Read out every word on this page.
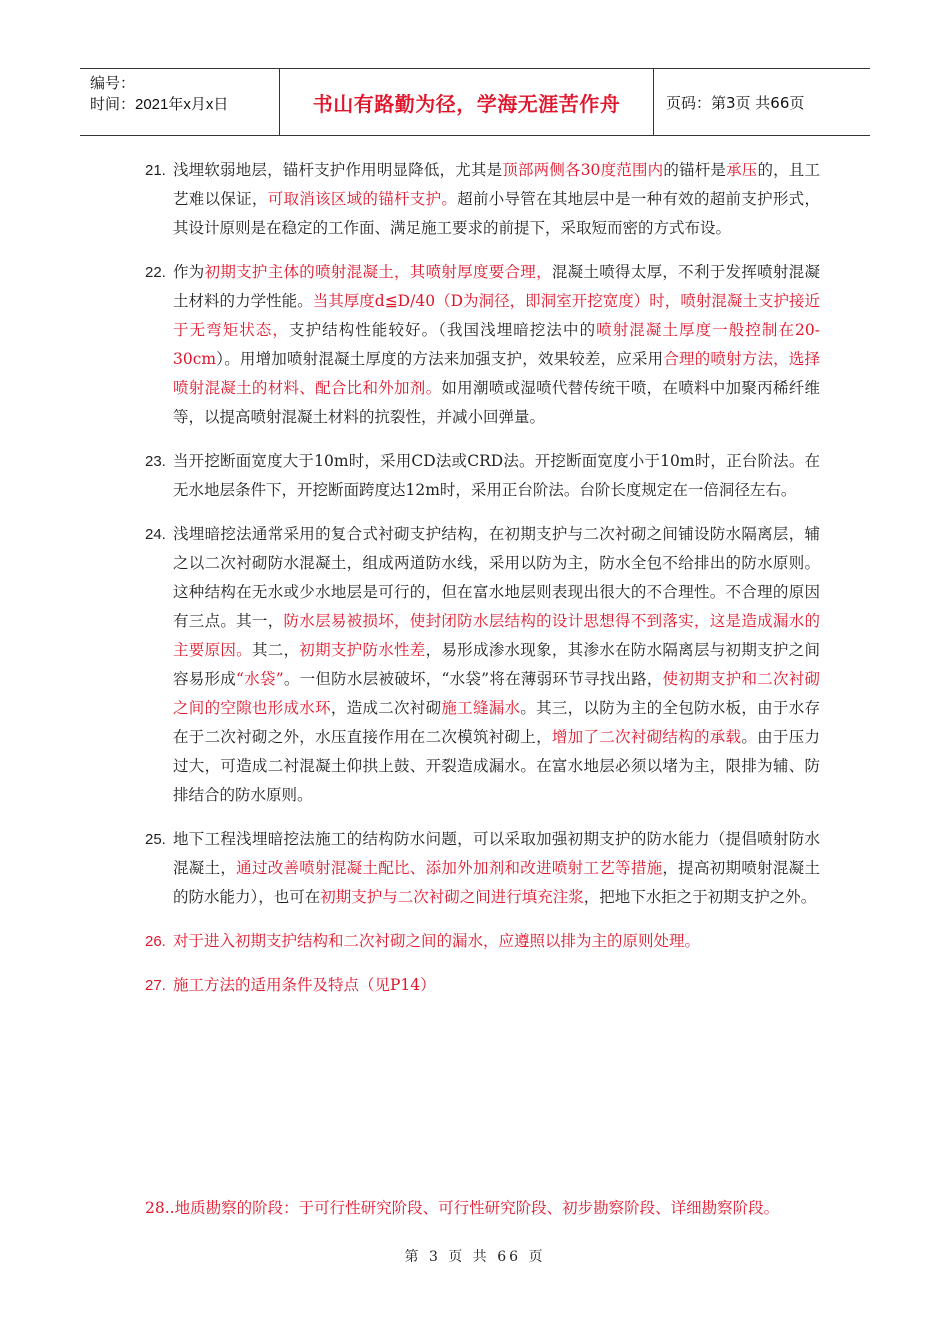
编号：
时间：2021年x月x日	书山有路勤为径，学海无涯苦作舟	页码：第3页 共66页
21. 浅埋软弱地层，锚杆支护作用明显降低，尤其是顶部两侧各30度范围内的锚杆是承压的，且工艺难以保证，可取消该区域的锚杆支护。超前小导管在其地层中是一种有效的超前支护形式，其设计原则是在稳定的工作面、满足施工要求的前提下，采取短而密的方式布设。
22. 作为初期支护主体的喷射混凝土，其喷射厚度要合理，混凝土喷得太厚，不利于发挥喷射混凝土材料的力学性能。当其厚度d≦D/40（D为洞径，即洞室开挖宽度）时，喷射混凝土支护接近于无弯矩状态，支护结构性能较好。（我国浅埋暗挖法中的喷射混凝土厚度一般控制在20-30cm）。用增加喷射混凝土厚度的方法来加强支护，效果较差，应采用合理的喷射方法，选择喷射混凝土的材料、配合比和外加剂。如用潮喷或湿喷代替传统干喷，在喷料中加聚丙稀纤维等，以提高喷射混凝土材料的抗裂性，并减小回弹量。
23. 当开挖断面宽度大于10m时，采用CD法或CRD法。开挖断面宽度小于10m时，正台阶法。在无水地层条件下，开挖断面跨度达12m时，采用正台阶法。台阶长度规定在一倍洞径左右。
24. 浅埋暗挖法通常采用的复合式衬砌支护结构，在初期支护与二次衬砌之间铺设防水隔离层，辅之以二次衬砌防水混凝土，组成两道防水线，采用以防为主，防水全包不给排出的防水原则。这种结构在无水或少水地层是可行的，但在富水地层则表现出很大的不合理性。不合理的原因有三点。其一，防水层易被损坏，使封闭防水层结构的设计思想得不到落实，这是造成漏水的主要原因。其二，初期支护防水性差，易形成渗水现象，其渗水在防水隔离层与初期支护之间容易形成“水袋”。一但防水层被破坏，“水袋”将在薄弱环节寻找出路，使初期支护和二次衬砌之间的空隙也形成水环，造成二次衬砌施工缝漏水。其三，以防为主的全包防水板，由于水存在于二次衬砌之外，水压直接作用在二次模筑衬砌上，增加了二次衬砌结构的承载。由于压力过大，可造成二衬混凝土仰拱上鼓、开裂造成漏水。在富水地层必须以堵为主，限排为辅、防排结合的防水原则。
25. 地下工程浅埋暗挖法施工的结构防水问题，可以采取加强初期支护的防水能力（提倡喷射防水混凝土，通过改善喷射混凝土配比、添加外加剂和改进喷射工艺等措施，提高初期喷射混凝土的防水能力），也可在初期支护与二次衬砌之间进行填充注浆，把地下水拒之于初期支护之外。
26. 对于进入初期支护结构和二次衬砌之间的漏水，应遵照以排为主的原则处理。
27. 施工方法的适用条件及特点（见P14）
28..地质勘察的阶段：于可行性研究阶段、可行性研究阶段、初步勘察阶段、详细勘察阶段。
第 3 页 共 66 页
